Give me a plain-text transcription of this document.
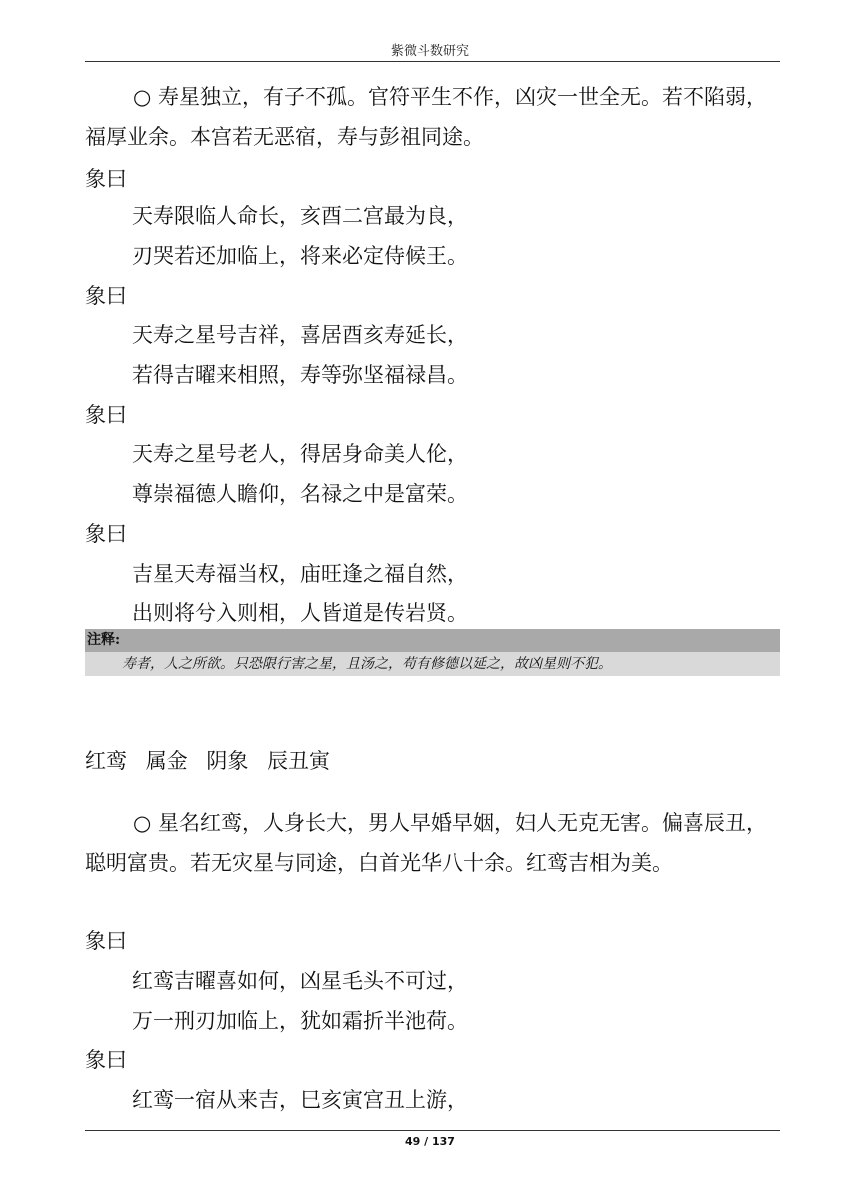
紫微斗数研究
○ 寿星独立，有子不孤。官符平生不作，凶灾一世全无。若不陷弱，福厚业余。本宫若无恶宿，寿与彭祖同途。
象曰
天寿限临人命长，亥酉二宫最为良，
刃哭若还加临上，将来必定侍候王。
象曰
天寿之星号吉祥，喜居酉亥寿延长，
若得吉曜来相照，寿等弥坚福禄昌。
象曰
天寿之星号老人，得居身命美人伦，
尊崇福德人瞻仰，名禄之中是富荣。
象曰
吉星天寿福当权，庙旺逢之福自然，
出则将兮入则相，人皆道是传岩贤。
注释:
寿者，人之所欲。只恐限行害之星，且汤之，苟有修德以延之，故凶星则不犯。
红鸾 属金 阴象 辰丑寅
○ 星名红鸾，人身长大，男人早婚早姻，妇人无克无害。偏喜辰丑，聪明富贵。若无灾星与同途，白首光华八十余。红鸾吉相为美。
象曰
红鸾吉曜喜如何，凶星毛头不可过，
万一刑刃加临上，犹如霜折半池荷。
象曰
红鸾一宿从来吉，巳亥寅宫丑上游，
49 / 137
